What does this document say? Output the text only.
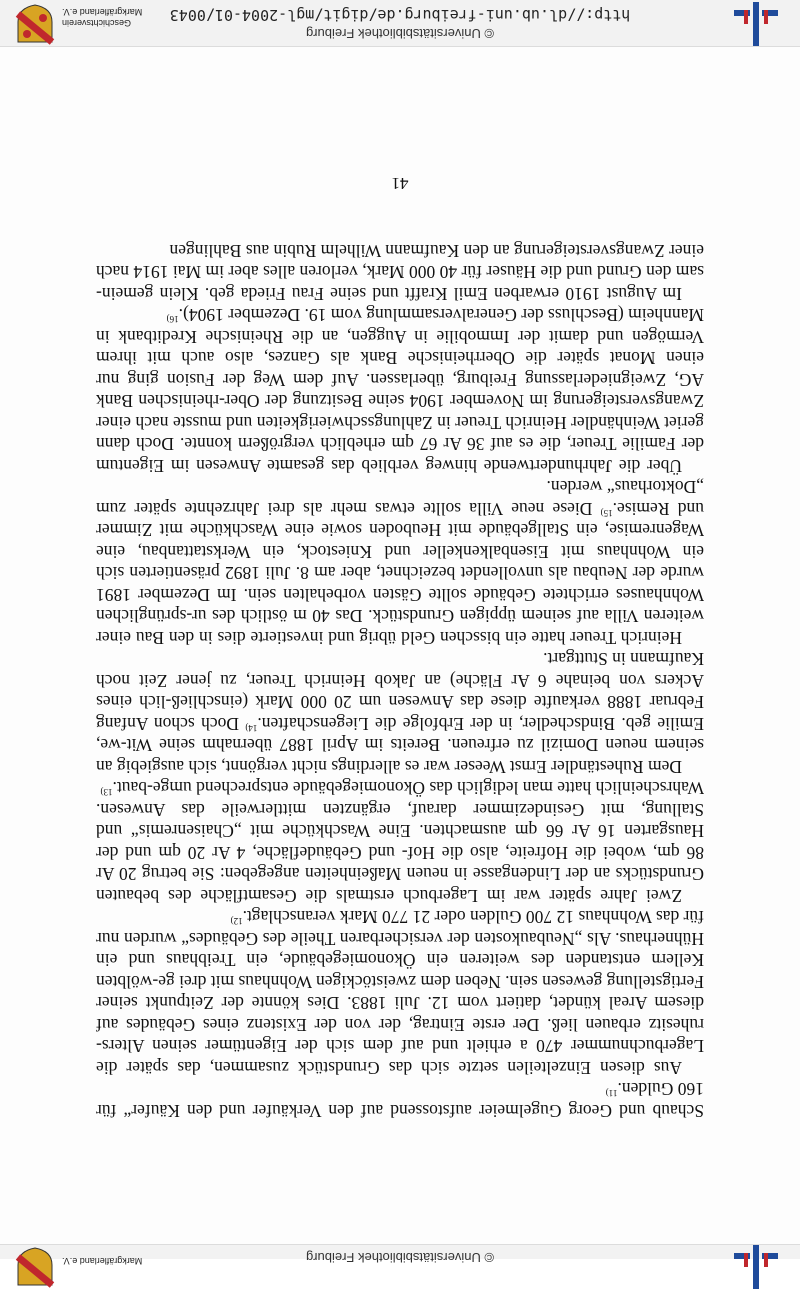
© Universitätsbibliothek Freiburg
Markgräflerland e.V.

Schaub und Georg Gugelmeier aufstossend auf den Verkäufer und den Käufer“ für 160 Gulden.$^{11)}$

Aus diesen Einzelteilen setzte sich das Grundstück zusammen, das später die Lagerbuchnummer 470 a erhielt und auf dem sich der Eigentümer seinen Alters-ruhesitz erbauen ließ. Der erste Eintrag, der von der Existenz eines Gebäudes auf diesem Areal kündet, datiert vom 12. Juli 1883. Dies könnte der Zeitpunkt seiner Fertigstellung gewesen sein. Neben dem zweistöckigen Wohnhaus mit drei ge-wölbten Kellern entstanden des weiteren ein Ökonomiegebäude, ein Treibhaus und ein Hühnerhaus. Als „Neubaukosten der versicherbaren Theile des Gebäudes“ wurden nur für das Wohnhaus 12 700 Gulden oder 21 770 Mark veranschlagt.$^{12)}$

Zwei Jahre später war im Lagerbuch erstmals die Gesamtfläche des bebauten Grundstücks an der Lindengasse in neuen Maßeinheiten angegeben: Sie betrug 20 Ar 86 qm, wobei die Hofreite, also die Hof- und Gebäudefläche, 4 Ar 20 qm und der Hausgarten 16 Ar 66 qm ausmachten. Eine Waschküche mit „Chaisenremis“ und Stallung, mit Gesindezimmer darauf, ergänzten mittlerweile das Anwesen. Wahrscheinlich hatte man lediglich das Ökonomiegebäude entsprechend umge-baut.$^{13)}$

Dem Ruheständler Ernst Weeser war es allerdings nicht vergönnt, sich ausgiebig an seinem neuen Domizil zu erfreuen. Bereits im April 1887 übernahm seine Wit-we, Emilie geb. Bindschedler, in der Erbfolge die Liegenschaften.$^{14)}$ Doch schon Anfang Februar 1888 verkaufte diese das Anwesen um 20 000 Mark (einschließ-lich eines Ackers von beinahe 6 Ar Fläche) an Jakob Heinrich Treuer, zu jener Zeit noch Kaufmann in Stuttgart.

Heinrich Treuer hatte ein bisschen Geld übrig und investierte dies in den Bau einer weiteren Villa auf seinem üppigen Grundstück. Das 40 m östlich des ur-sprünglichen Wohnhauses errichtete Gebäude sollte Gästen vorbehalten sein. Im Dezember 1891 wurde der Neubau als unvollendet bezeichnet, aber am 8. Juli 1892 präsentierten sich ein Wohnhaus mit Eisenbalkenkeller und Kniestock, ein Werkstattanbau, eine Wagenremise, ein Stallgebäude mit Heuboden sowie eine Waschküche mit Zimmer und Remise.$^{15)}$ Diese neue Villa sollte etwas mehr als drei Jahrzehnte später zum „Doktorhaus“ werden.

Über die Jahrhundertwende hinweg verblieb das gesamte Anwesen im Eigentum der Familie Treuer, die es auf 36 Ar 67 qm erheblich vergrößern konnte. Doch dann geriet Weinhändler Heinrich Treuer in Zahlungsschwierigkeiten und musste nach einer Zwangsversteigerung im November 1904 seine Besitzung der Ober-rheinischen Bank AG, Zweigniederlassung Freiburg, überlassen. Auf dem Weg der Fusion ging nur einen Monat später die Oberrheinische Bank als Ganzes, also auch mit ihrem Vermögen und damit der Immobilie in Auggen, an die Rheinische Kreditbank in Mannheim (Beschluss der Generalversammlung vom 19. Dezember 1904).$^{16)}$

Im August 1910 erwarben Emil Krafft und seine Frau Frieda geb. Klein gemein-sam den Grund und die Häuser für 40 000 Mark, verloren alles aber im Mai 1914 nach einer Zwangsversteigerung an den Kaufmann Wilhelm Rubin aus Bahlingen

41
© Universitätsbibliothek Freiburg
http://dl.ub.uni-freiburg.de/digit/mgl-2004-01/0043
Geschichtsverein
Markgräflerland e.V.
